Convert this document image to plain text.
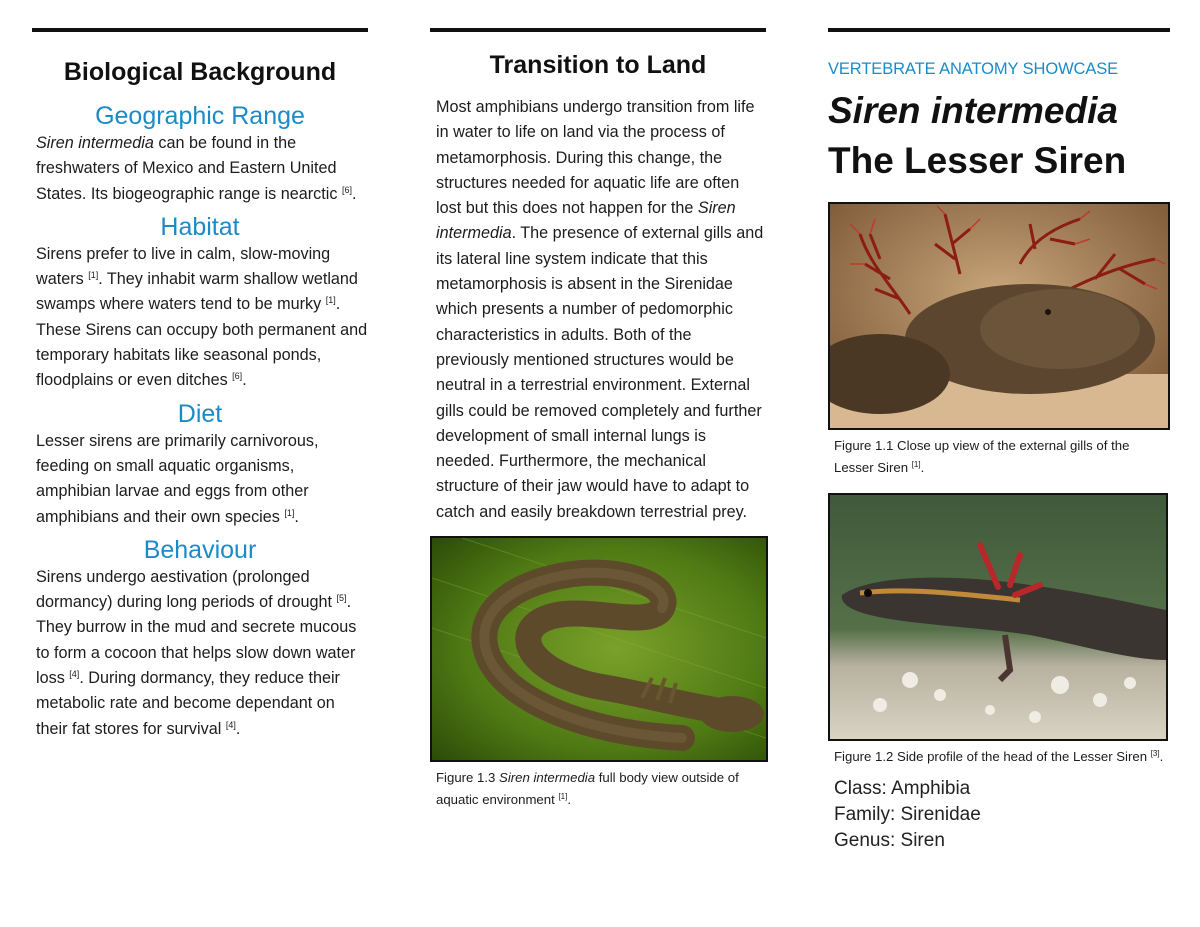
Biological Background
Geographic Range

Siren intermedia can be found in the freshwaters of Mexico and Eastern United States. Its biogeographic range is nearctic [6].

Habitat

Sirens prefer to live in calm, slow-moving waters [1]. They inhabit warm shallow wetland swamps where waters tend to be murky [1]. These Sirens can occupy both permanent and temporary habitats like seasonal ponds, floodplains or even ditches [6].

Diet

Lesser sirens are primarily carnivorous, feeding on small aquatic organisms, amphibian larvae and eggs from other amphibians and their own species [1].

Behaviour

Sirens undergo aestivation (prolonged dormancy) during long periods of drought [5]. They burrow in the mud and secrete mucous to form a cocoon that helps slow down water loss [4]. During dormancy, they reduce their metabolic rate and become dependant on their fat stores for survival [4].

Transition to Land

Most amphibians undergo transition from life in water to life on land via the process of metamorphosis. During this change, the structures needed for aquatic life are often lost but this does not happen for the Siren intermedia. The presence of external gills and its lateral line system indicate that this metamorphosis is absent in the Sirenidae which presents a number of pedomorphic characteristics in adults. Both of the previously mentioned structures would be neutral in a terrestrial environment. External gills could be removed completely and further development of small internal lungs is needed. Furthermore, the mechanical structure of their jaw would have to adapt to catch and easily breakdown terrestrial prey.

Figure 1.3 Siren intermedia full body view outside of aquatic environment [1].

VERTEBRATE ANATOMY SHOWCASE
Siren intermedia
The Lesser Siren

Figure 1.1 Close up view of the external gills of the Lesser Siren [1].

Figure 1.2 Side profile of the head of the Lesser Siren [3].

Class: Amphibia
Family: Sirenidae
Genus: Siren
